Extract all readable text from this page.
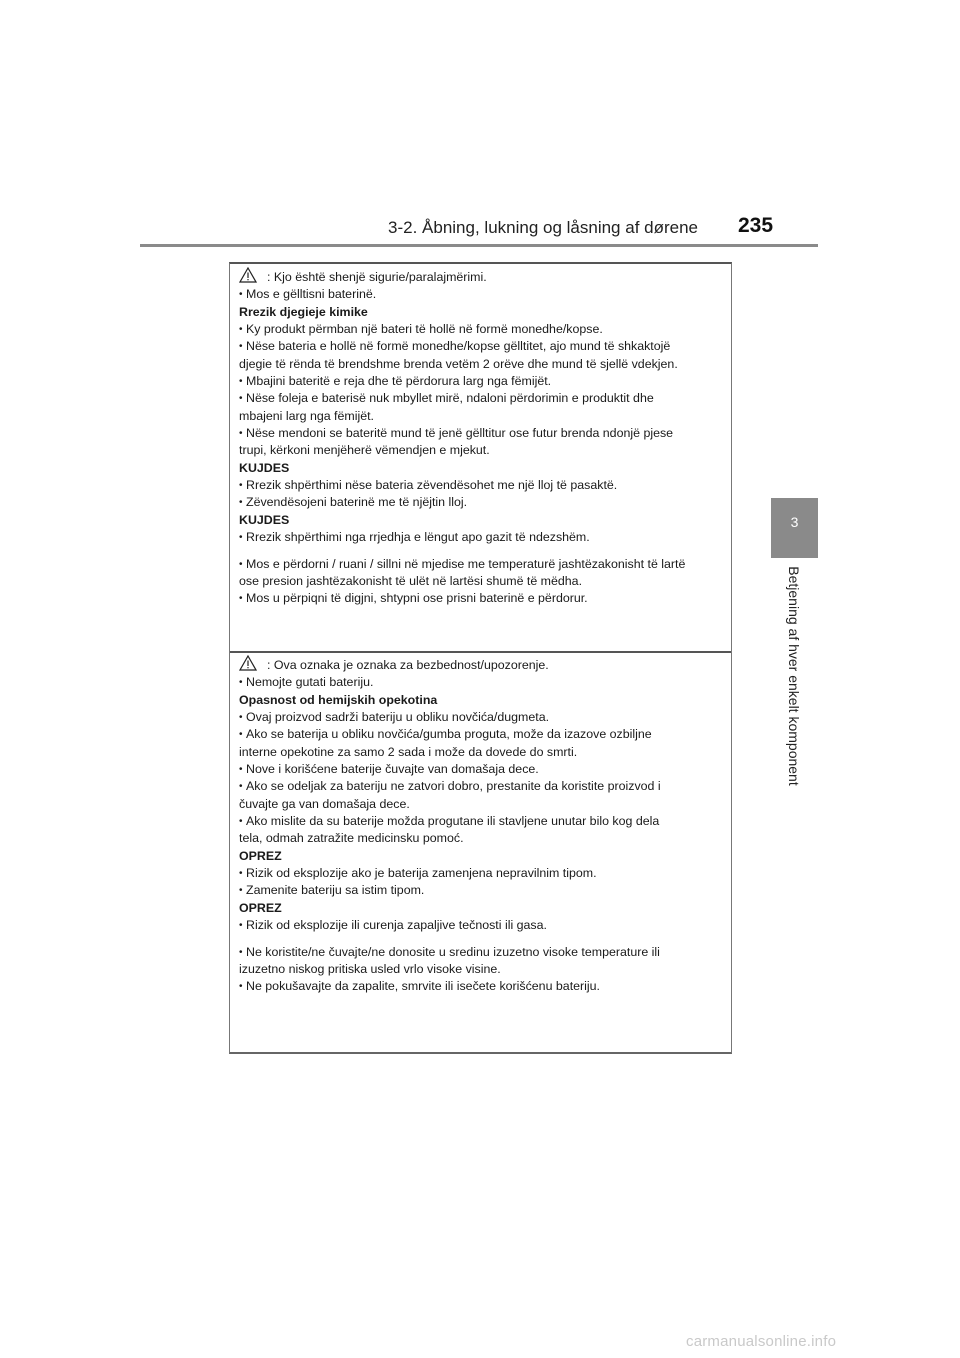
3-2. Åbning, lukning og låsning af dørene 235
3
Betjening af hver enkelt komponent
: Kjo është shenjë sigurie/paralajmërimi.
• Mos e gëlltisni baterinë.
Rrezik djegieje kimike
• Ky produkt përmban një bateri të hollë në formë monedhe/kopse.
• Nëse bateria e hollë në formë monedhe/kopse gëlltitet, ajo mund të shkaktojë
djegie të rënda të brendshme brenda vetëm 2 orëve dhe mund të sjellë vdekjen.
• Mbajini bateritë e reja dhe të përdorura larg nga fëmijët.
• Nëse foleja e baterisë nuk mbyllet mirë, ndaloni përdorimin e produktit dhe
mbajeni larg nga fëmijët.
• Nëse mendoni se bateritë mund të jenë gëlltitur ose futur brenda ndonjë pjese
trupi, kërkoni menjëherë vëmendjen e mjekut.
KUJDES
• Rrezik shpërthimi nëse bateria zëvendësohet me një lloj të pasaktë.
• Zëvendësojeni baterinë me të njëjtin lloj.
KUJDES
• Rrezik shpërthimi nga rrjedhja e lëngut apo gazit të ndezshëm.
• Mos e përdorni / ruani / sillni në mjedise me temperaturë jashtëzakonisht të lartë
ose presion jashtëzakonisht të ulët në lartësi shumë të mëdha.
• Mos u përpiqni të digjni, shtypni ose prisni baterinë e përdorur.
: Ova oznaka je oznaka za bezbednost/upozorenje.
• Nemojte gutati bateriju.
Opasnost od hemijskih opekotina
• Ovaj proizvod sadrži bateriju u obliku novčića/dugmeta.
• Ako se baterija u obliku novčića/gumba proguta, može da izazove ozbiljne
interne opekotine za samo 2 sada i može da dovede do smrti.
• Nove i korišćene baterije čuvajte van domašaja dece.
• Ako se odeljak za bateriju ne zatvori dobro, prestanite da koristite proizvod i
čuvajte ga van domašaja dece.
• Ako mislite da su baterije možda progutane ili stavljene unutar bilo kog dela
tela, odmah zatražite medicinsku pomoć.
OPREZ
• Rizik od eksplozije ako je baterija zamenjena nepravilnim tipom.
• Zamenite bateriju sa istim tipom.
OPREZ
• Rizik od eksplozije ili curenja zapaljive tečnosti ili gasa.
• Ne koristite/ne čuvajte/ne donosite u sredinu izuzetno visoke temperature ili
izuzetno niskog pritiska usled vrlo visoke visine.
• Ne pokušavajte da zapalite, smrvite ili isečete korišćenu bateriju.
carmanualsonline.info
